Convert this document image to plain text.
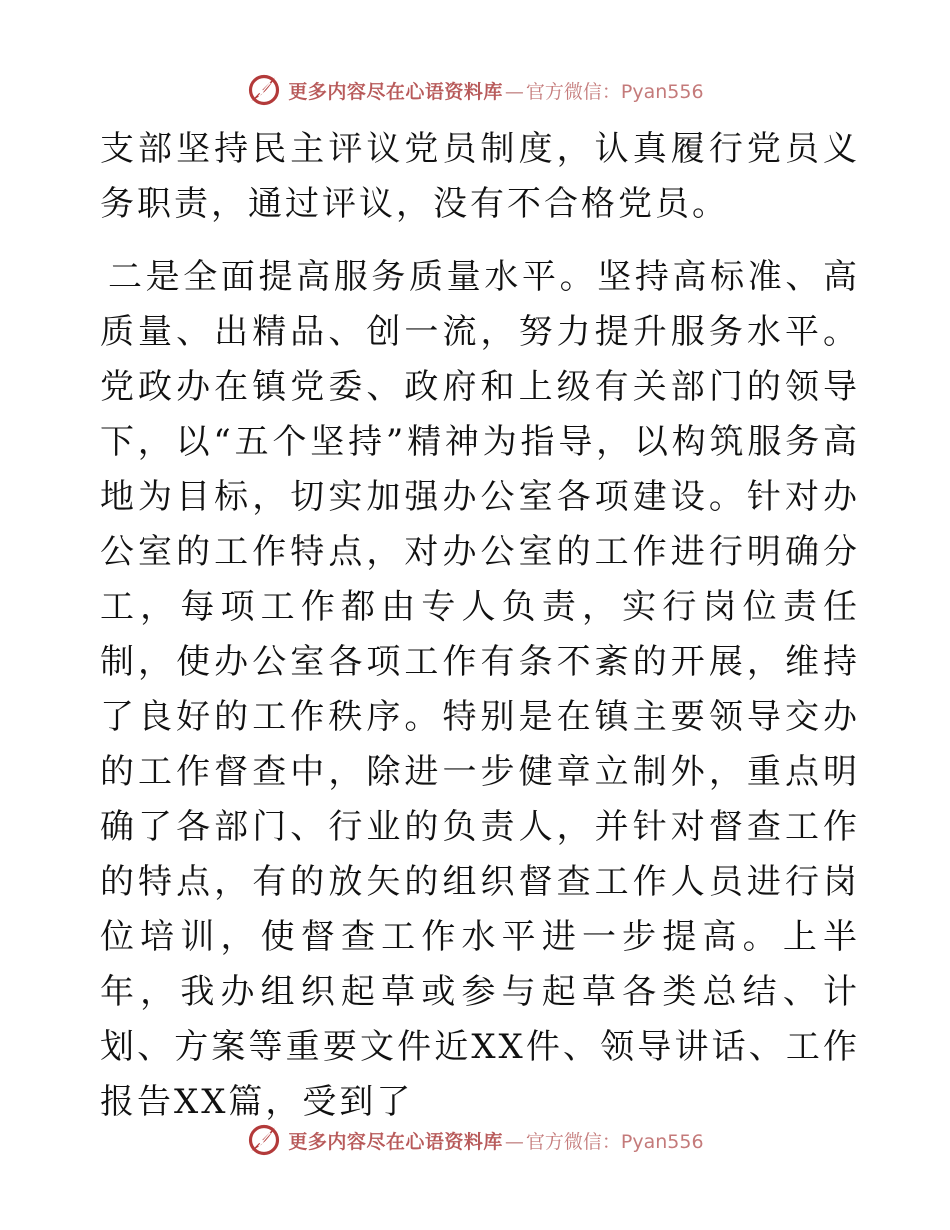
更多内容尽在心语资料库 — 官方微信：Pyan556

支部坚持民主评议党员制度，认真履行党员义务职责，通过评议，没有不合格党员。

二是全面提高服务质量水平。坚持高标准、高质量、出精品、创一流，努力提升服务水平。党政办在镇党委、政府和上级有关部门的领导下，以“五个坚持”精神为指导，以构筑服务高地为目标，切实加强办公室各项建设。针对办公室的工作特点，对办公室的工作进行明确分工，每项工作都由专人负责，实行岗位责任制，使办公室各项工作有条不紊的开展，维持了良好的工作秩序。特别是在镇主要领导交办的工作督查中，除进一步健章立制外，重点明确了各部门、行业的负责人，并针对督查工作的特点，有的放矢的组织督查工作人员进行岗位培训，使督查工作水平进一步提高。上半年，我办组织起草或参与起草各类总结、计划、方案等重要文件近XX件、领导讲话、工作报告XX篇，受到了

更多内容尽在心语资料库 — 官方微信：Pyan556
